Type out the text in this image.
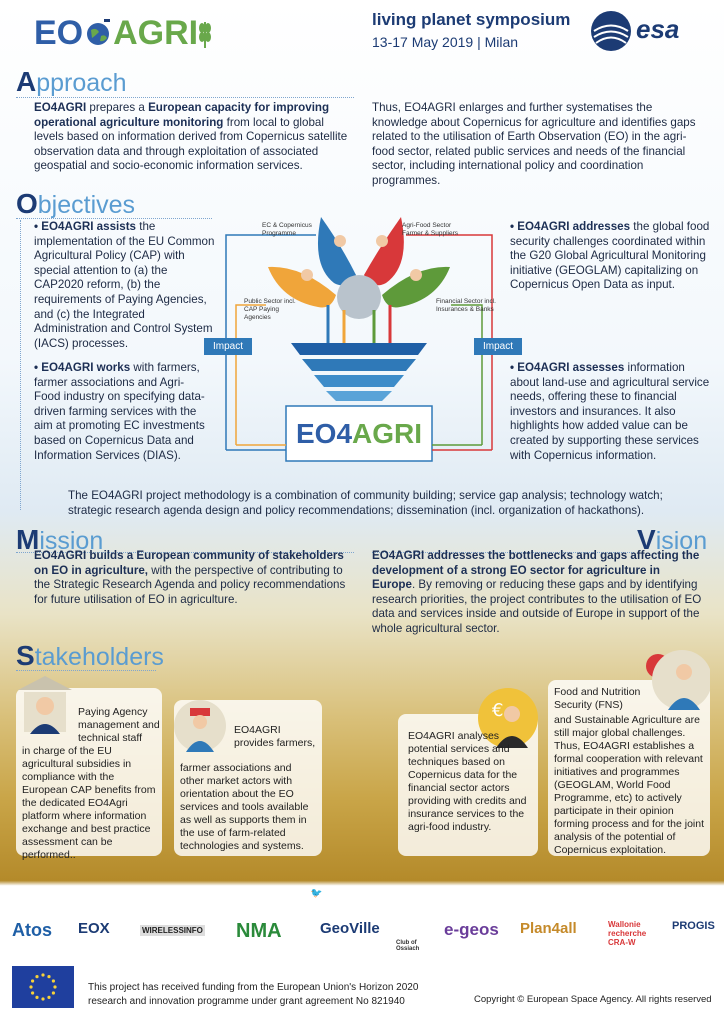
EO AGRI	living planet symposium
13-17 May 2019 | Milan	esa
Approach
EO4AGRI prepares a European capacity for improving operational agriculture monitoring from local to global levels based on information derived from Copernicus satellite observation data and through exploitation of associated geospatial and socio-economic information services.
Thus, EO4AGRI enlarges and further systematises the knowledge about Copernicus for agriculture and identifies gaps related to the utilisation of Earth Observation (EO) in the agri-food sector, related public services and needs of the financial sector, including international policy and coordination programmes.
Objectives
• EO4AGRI assists the implementation of the EU Common Agricultural Policy (CAP) with special attention to (a) the CAP2020 reform, (b) the requirements of Paying Agencies, and (c) the Integrated Administration and Control System (IACS) processes.
• EO4AGRI works with farmers, farmer associations and Agri-Food industry on specifying data-driven farming services with the aim at promoting EC investments based on Copernicus Data and Information Services (DIAS).
• EO4AGRI addresses the global food security challenges coordinated within the G20 Global Agricultural Monitoring initiative (GEOGLAM) capitalizing on Copernicus Open Data as input.
• EO4AGRI assesses information about land-use and agricultural service needs, offering these to financial investors and insurances. It also highlights how added value can be created by supporting these services with Copernicus information.
EC & Copernicus Programme
Agri-Food Sector Farmer & Suppliers
Public Sector incl. CAP Paying Agencies
Financial Sector incl. Insurances & Banks
Impact	Impact
EO4AGRI
The EO4AGRI project methodology is a combination of community building; service gap analysis; technology watch; strategic research agenda design and policy recommendations; dissemination (incl. organization of hackathons).
Mission
EO4AGRI builds a European community of stakeholders on EO in agriculture, with the perspective of contributing to the Strategic Research Agenda and policy recommendations for future utilisation of EO in agriculture.
Vision
EO4AGRI addresses the bottlenecks and gaps affecting the development of a strong EO sector for agriculture in Europe. By removing or reducing these gaps and by identifying research priorities, the project contributes to the utilisation of EO data and services inside and outside of Europe in support of the whole agricultural sector.
Stakeholders
Paying Agency management and technical staff
in charge of the EU agricultural subsidies in compliance with the European CAP benefits from the dedicated EO4Agri platform where information exchange and best practice assessment can be performed..
EO4AGRI provides farmers,
farmer associations and other market actors with orientation about the EO services and tools available as well as supports them in the use of farm-related technologies and systems.
€
EO4AGRI analyses potential services and techniques based on Copernicus data for the financial sector actors providing with credits and insurance services to the agri-food industry.
Food and Nutrition Security (FNS)
and Sustainable Agriculture are still major global challenges. Thus, EO4AGRI establishes a formal cooperation with relevant initiatives and programmes (GEOGLAM, World Food Programme, etc) to actively participate in their opinion forming process and for the joint analysis of the potential of Copernicus exploitation.
Take action today - Connect with EO4AGRI: www.eo4agri.eu | 🐦 @EO4AGRI | ✉ Miguel Ángel Esbri - EO4AGRI Project Coordinator - miguel.esbri@atos.net
Atos EOX	WIRELESSINFO NMA	GeoVille
Club of Ossiach
e-geos Plan4all	Wallonie recherche CRA-W
PROGIS
This project has received funding from the European Union's Horizon 2020
research and innovation programme under grant agreement No 821940	Copyright © European Space Agency. All rights reserved
